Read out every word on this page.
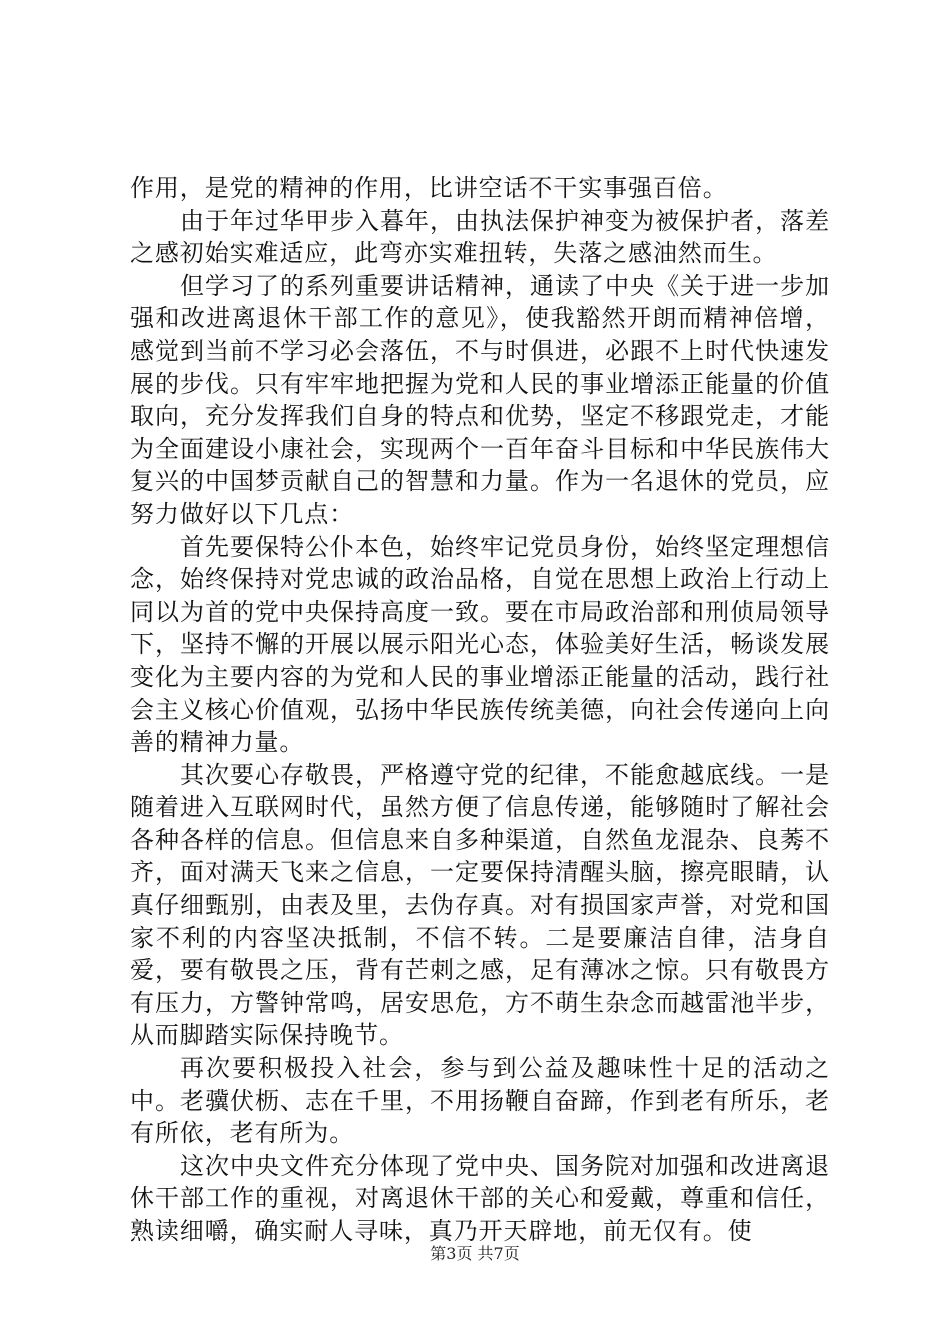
作用，是党的精神的作用，比讲空话不干实事强百倍。

由于年过华甲步入暮年，由执法保护神变为被保护者，落差之感初始实难适应，此弯亦实难扭转，失落之感油然而生。

但学习了的系列重要讲话精神，通读了中央《关于进一步加强和改进离退休干部工作的意见》，使我豁然开朗而精神倍增，感觉到当前不学习必会落伍，不与时俱进，必跟不上时代快速发展的步伐。只有牢牢地把握为党和人民的事业增添正能量的价值取向，充分发挥我们自身的特点和优势，坚定不移跟党走，才能为全面建设小康社会，实现两个一百年奋斗目标和中华民族伟大复兴的中国梦贡献自己的智慧和力量。作为一名退休的党员，应努力做好以下几点：

首先要保特公仆本色，始终牢记党员身份，始终坚定理想信念，始终保持对党忠诚的政治品格，自觉在思想上政治上行动上同以为首的党中央保持高度一致。要在市局政治部和刑侦局领导下，坚持不懈的开展以展示阳光心态，体验美好生活，畅谈发展变化为主要内容的为党和人民的事业增添正能量的活动，践行社会主义核心价值观，弘扬中华民族传统美德，向社会传递向上向善的精神力量。

其次要心存敬畏，严格遵守党的纪律，不能愈越底线。一是随着进入互联网时代，虽然方便了信息传递，能够随时了解社会各种各样的信息。但信息来自多种渠道，自然鱼龙混杂、良莠不齐，面对满天飞来之信息，一定要保持清醒头脑，擦亮眼睛，认真仔细甄别，由表及里，去伪存真。对有损国家声誉，对党和国家不利的内容坚决抵制，不信不转。二是要廉洁自律，洁身自爱，要有敬畏之压，背有芒刺之感，足有薄冰之惊。只有敬畏方有压力，方警钟常鸣，居安思危，方不萌生杂念而越雷池半步，从而脚踏实际保持晚节。

再次要积极投入社会，参与到公益及趣味性十足的活动之中。老骥伏枥、志在千里，不用扬鞭自奋蹄，作到老有所乐，老有所依，老有所为。

这次中央文件充分体现了党中央、国务院对加强和改进离退休干部工作的重视，对离退休干部的关心和爱戴，尊重和信任，熟读细嚼，确实耐人寻味，真乃开天辟地，前无仅有。使

第3页 共7页
